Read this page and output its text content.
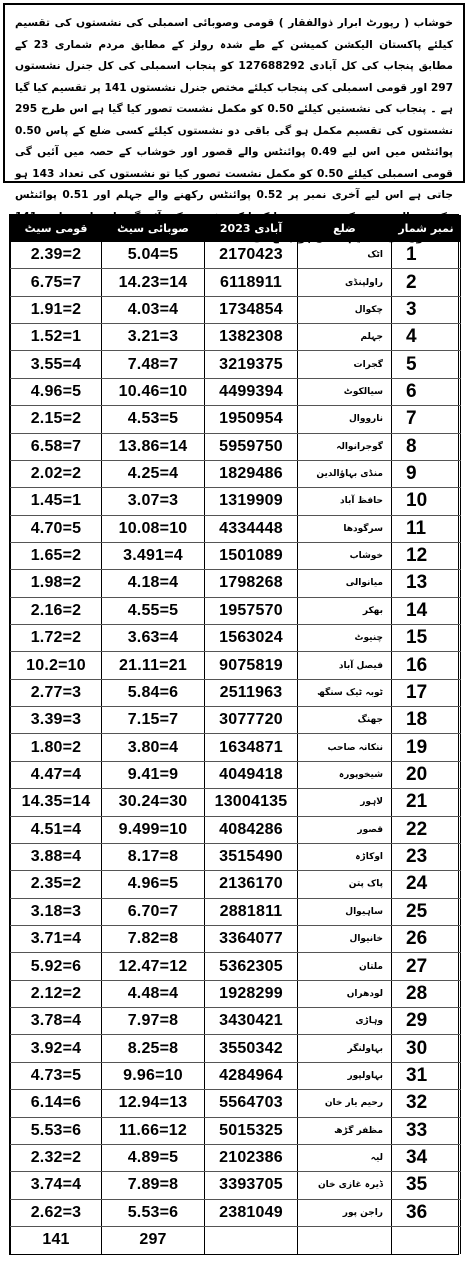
خوشاب ( رپورٹ ابرار ذوالفقار ) قومی وصوبائی اسمبلی کی نشستوں کی تقسیم کیلئے پاکستان الیکشن کمیشن کے طے شدہ رولز کے مطابق مردم شماری 23 کے مطابق پنجاب کی کل آبادی 127688292 کو پنجاب اسمبلی کی کل جنرل نشستوں 297 اور قومی اسمبلی کی پنجاب کیلئے مختص جنرل نشستوں 141 پر تقسیم کیا گیا ہے ۔ پنجاب کی نشستیں کیلئے 0.50 کو مکمل نشست تصور کیا گیا ہے اس طرح 295 نشستوں کی تقسیم مکمل ہو گی باقی دو نشستوں کیلئے کسی ضلع کے پاس 0.50 پوائنٹس میں اس لیے 0.49 پوائنٹس والے قصور اور خوشاب کے حصہ میں آئیں گی قومی اسمبلی کیلئے 0.50 کو مکمل نشست تصور کیا تو نشستوں کی تعداد 143 ہو جاتی ہے اس لیے آخری نمبر پر 0.52 پوائنٹس رکھنے والے جہلم اور 0.51 پوائنٹس

قومی سیٹ	صوبائی سیٹ	آبادی 2023	ضلع	نمبر شمار
2.39=2	5.04=5	2170423	اٹک	1
6.75=7	14.23=14	6118911	راولپنڈی	2
1.91=2	4.03=4	1734854	چکوال	3
1.52=1	3.21=3	1382308	جہلم	4
3.55=4	7.48=7	3219375	گجرات	5
4.96=5	10.46=10	4499394	سیالکوٹ	6
2.15=2	4.53=5	1950954	نارووال	7
6.58=7	13.86=14	5959750	گوجرانوالہ	8
2.02=2	4.25=4	1829486	منڈی بہاؤالدین	9
1.45=1	3.07=3	1319909	حافظ آباد	10
4.70=5	10.08=10	4334448	سرگودھا	11
1.65=2	3.491=4	1501089	خوشاب	12
1.98=2	4.18=4	1798268	میانوالی	13
2.16=2	4.55=5	1957570	بھکر	14
1.72=2	3.63=4	1563024	چنیوٹ	15
10.2=10	21.11=21	9075819	فیصل آباد	16
2.77=3	5.84=6	2511963	ٹوبہ ٹیک سنگھ	17
3.39=3	7.15=7	3077720	جھنگ	18
1.80=2	3.80=4	1634871	ننکانہ صاحب	19
4.47=4	9.41=9	4049418	شیخوپورہ	20
14.35=14	30.24=30	13004135	لاہور	21
4.51=4	9.499=10	4084286	قصور	22
3.88=4	8.17=8	3515490	اوکاڑہ	23
2.35=2	4.96=5	2136170	پاک پتن	24
3.18=3	6.70=7	2881811	ساہیوال	25
3.71=4	7.82=8	3364077	خانیوال	26
5.92=6	12.47=12	5362305	ملتان	27
2.12=2	4.48=4	1928299	لودھراں	28
3.78=4	7.97=8	3430421	وہاڑی	29
3.92=4	8.25=8	3550342	بہاولنگر	30
4.73=5	9.96=10	4284964	بہاولپور	31
6.14=6	12.94=13	5564703	رحیم یار خان	32
5.53=6	11.66=12	5015325	مظفر گڑھ	33
2.32=2	4.89=5	2102386	لیہ	34
3.74=4	7.89=8	3393705	ڈیرہ غازی خان	35
2.62=3	5.53=6	2381049	راجن پور	36
141	297			
